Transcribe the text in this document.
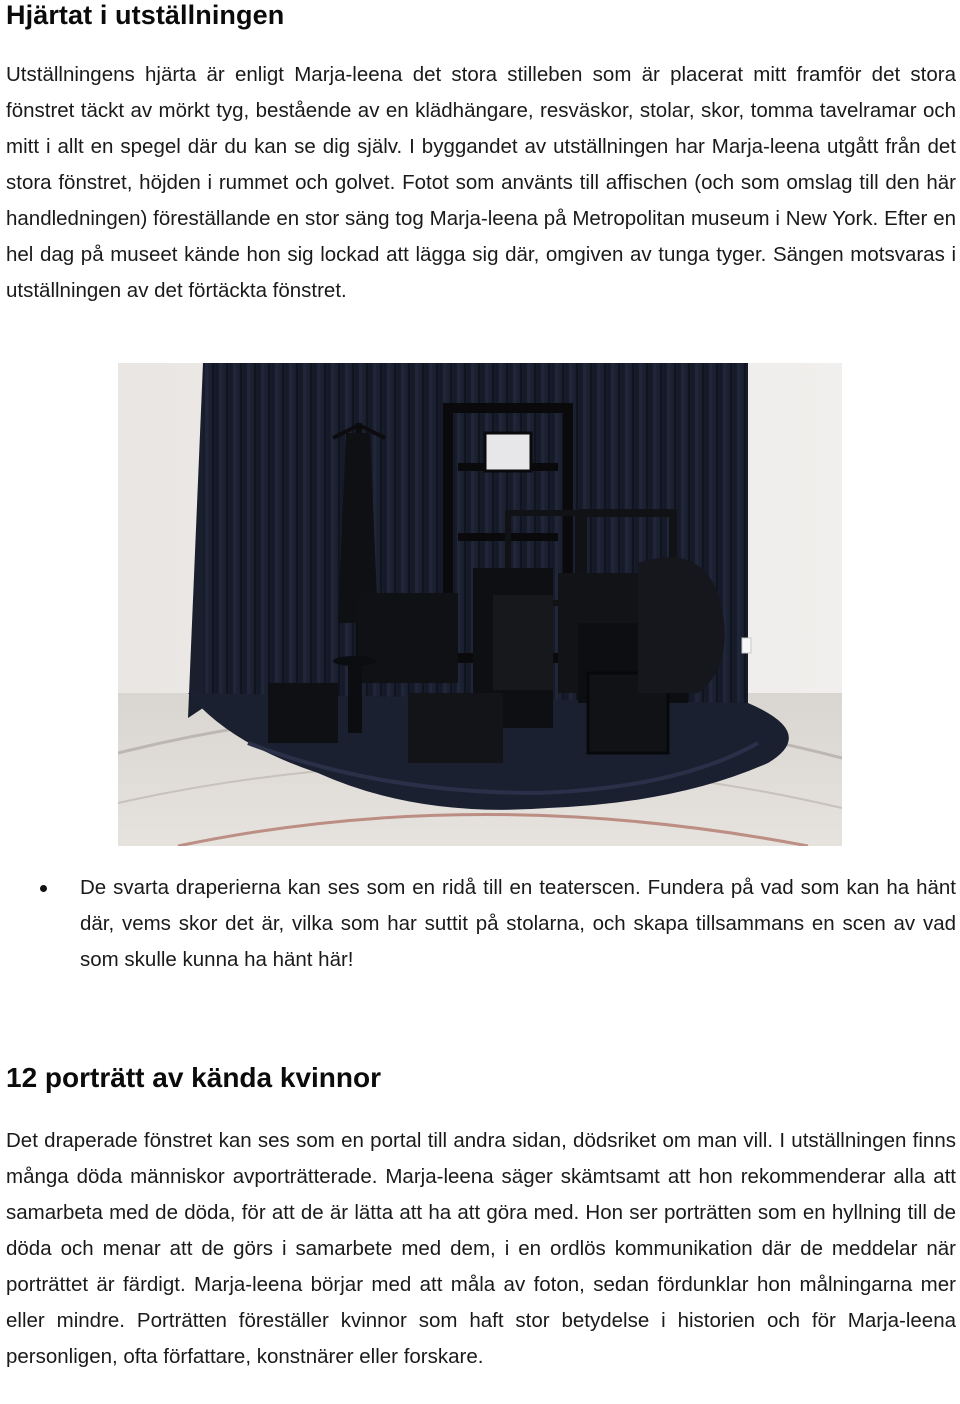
Hjärtat i utställningen

Utställningens hjärta är enligt Marja-leena det stora stilleben som är placerat mitt framför det stora fönstret täckt av mörkt tyg, bestående av en klädhängare, resväskor, stolar, skor, tomma tavelramar och mitt i allt en spegel där du kan se dig själv. I byggandet av utställningen har Marja-leena utgått från det stora fönstret, höjden i rummet och golvet. Fotot som använts till affischen (och som omslag till den här handledningen) föreställande en stor säng tog Marja-leena på Metropolitan museum i New York. Efter en hel dag på museet kände hon sig lockad att lägga sig där, omgiven av tunga tyger. Sängen motsvaras i utställningen av det förtäckta fönstret.

De svarta draperierna kan ses som en ridå till en teaterscen. Fundera på vad som kan ha hänt där, vems skor det är, vilka som har suttit på stolarna, och skapa tillsammans en scen av vad som skulle kunna ha hänt här!
12 porträtt av kända kvinnor

Det draperade fönstret kan ses som en portal till andra sidan, dödsriket om man vill. I utställningen finns många döda människor avporträtterade. Marja-leena säger skämtsamt att hon rekommenderar alla att samarbeta med de döda, för att de är lätta att ha att göra med. Hon ser porträtten som en hyllning till de döda och menar att de görs i samarbete med dem, i en ordlös kommunikation där de meddelar när porträttet är färdigt. Marja-leena börjar med att måla av foton, sedan fördunklar hon målningarna mer eller mindre. Porträtten föreställer kvinnor som haft stor betydelse i historien och för Marja-leena personligen, ofta författare, konstnärer eller forskare.
